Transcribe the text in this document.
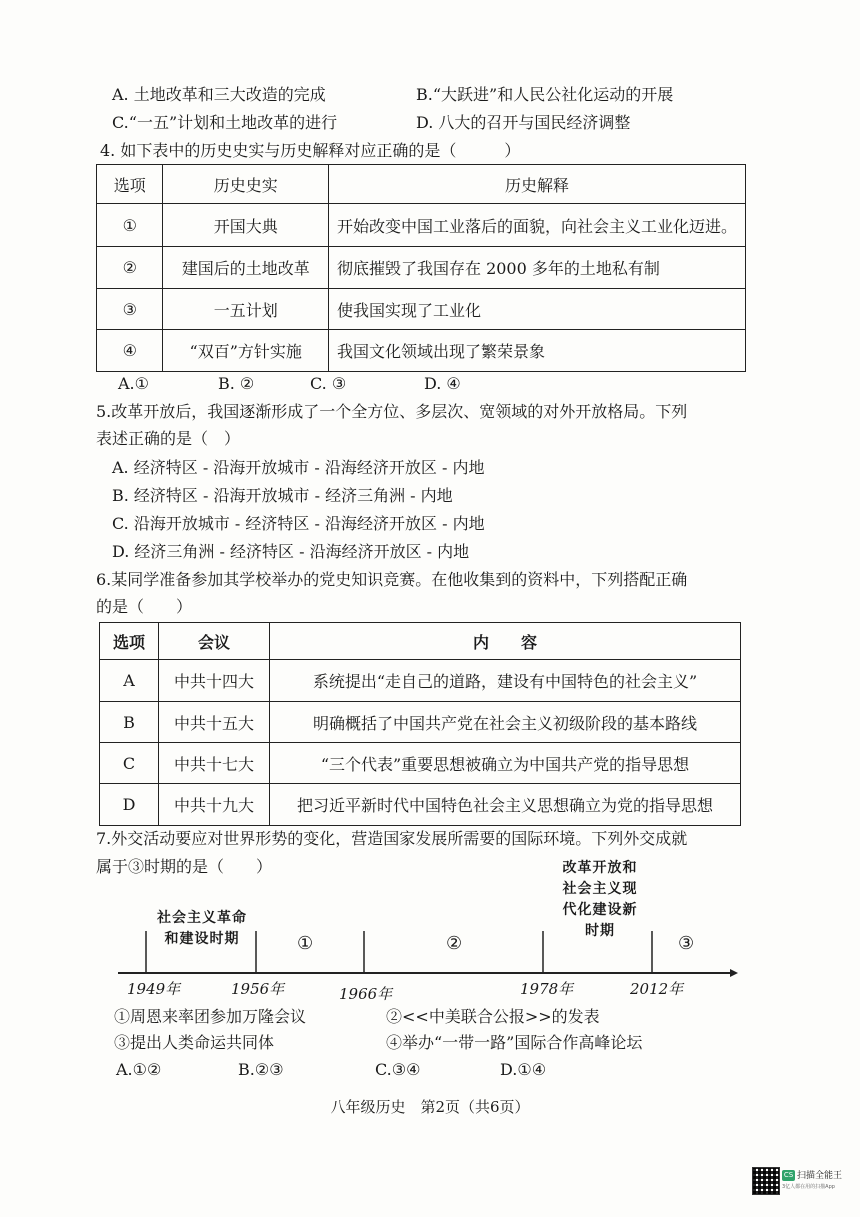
A. 土地改革和三大改造的完成	B.“大跃进”和人民公社化运动的开展
C.“一五”计划和土地改革的进行	D. 八大的召开与国民经济调整
4. 如下表中的历史史实与历史解释对应正确的是（　　　）
选项	历史史实	历史解释
①	开国大典	开始改变中国工业落后的面貌，向社会主义工业化迈进。
②	建国后的土地改革	彻底摧毁了我国存在 2000 多年的土地私有制
③	一五计划	使我国实现了工业化
④	“双百”方针实施	我国文化领域出现了繁荣景象
A.①	B. ②	C. ③	D. ④
5.改革开放后，我国逐渐形成了一个全方位、多层次、宽领域的对外开放格局。下列
表述正确的是（　）
A. 经济特区 - 沿海开放城市 - 沿海经济开放区 - 内地
B. 经济特区 - 沿海开放城市 - 经济三角洲 - 内地
C. 沿海开放城市 - 经济特区 - 沿海经济开放区 - 内地
D. 经济三角洲 - 经济特区 - 沿海经济开放区 - 内地
6.某同学准备参加其学校举办的党史知识竞赛。在他收集到的资料中，下列搭配正确
的是（　　）
选项	会议	内　　容
A	中共十四大	系统提出“走自己的道路，建设有中国特色的社会主义”
B	中共十五大	明确概括了中国共产党在社会主义初级阶段的基本路线
C	中共十七大	“三个代表”重要思想被确立为中国共产党的指导思想
D	中共十九大	把习近平新时代中国特色社会主义思想确立为党的指导思想
7.外交活动要应对世界形势的变化，营造国家发展所需要的国际环境。下列外交成就
属于③时期的是（　　）
社会主义革命
和建设时期
改革开放和
社会主义现
代化建设新
时期
①	②	③
1949年	1956年	1966年	1978年	2012年
①周恩来率团参加万隆会议	②<<中美联合公报>>的发表
③提出人类命运共同体	④举办“一带一路”国际合作高峰论坛
A.①②	B.②③	C.③④	D.①④
八年级历史　第2页（共6页）
CS 扫描全能王
3亿人都在用的扫描App
